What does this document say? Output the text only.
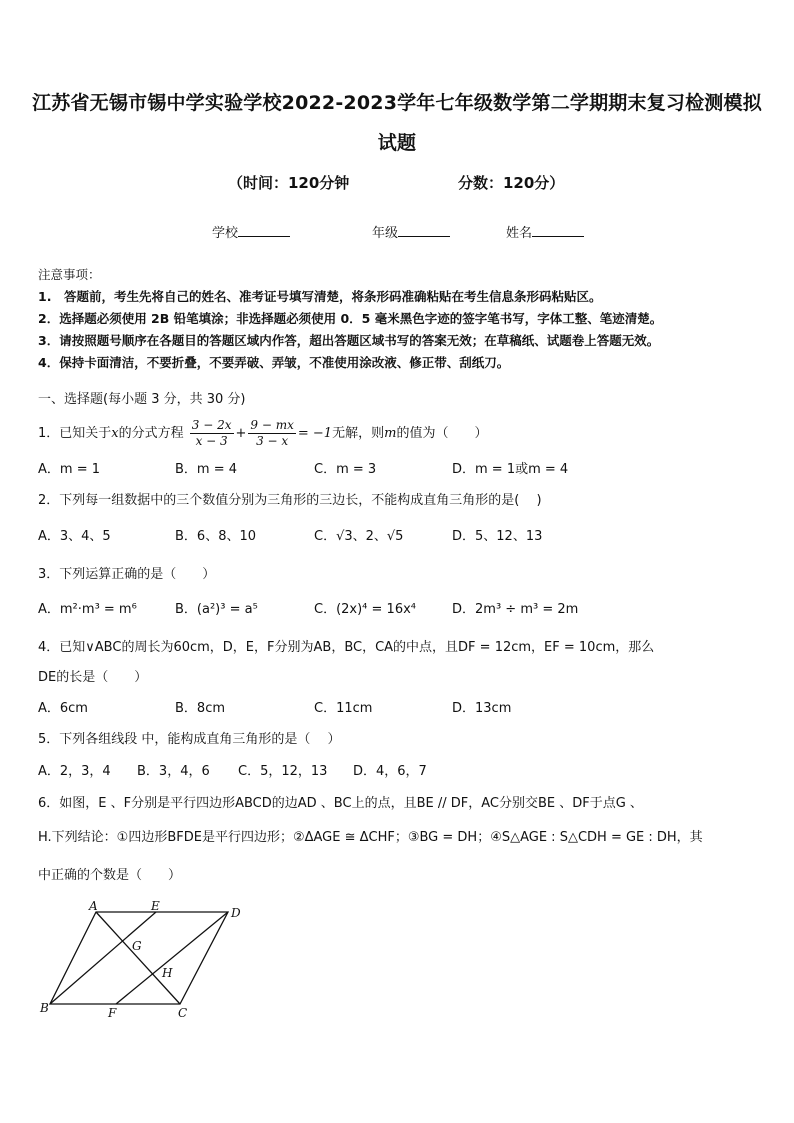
江苏省无锡市锡中学实验学校2022-2023学年七年级数学第二学期期末复习检测模拟
试题
（时间：120分钟	分数：120分）
学校	年级	姓名
注意事项：
1.　答题前，考生先将自己的姓名、准考证号填写清楚，将条形码准确粘贴在考生信息条形码粘贴区。
2．选择题必须使用 2B 铅笔填涂；非选择题必须使用 0．5 毫米黑色字迹的签字笔书写，字体工整、笔迹清楚。
3．请按照题号顺序在各题目的答题区域内作答，超出答题区域书写的答案无效；在草稿纸、试题卷上答题无效。
4．保持卡面清洁，不要折叠，不要弄破、弄皱，不准使用涂改液、修正带、刮纸刀。
一、选择题(每小题 3 分，共 30 分)
1．已知关于x的分式方程 $\frac{3 - 2x}{x - 3} + \frac{9 - mx}{3 - x} = -1$无解，则m的值为（　　）
A．m = 1	B．m = 4	C．m = 3	D．m = 1或m = 4
2．下列每一组数据中的三个数值分别为三角形的三边长，不能构成直角三角形的是(　 )
A．3、4、5	B．6、8、10	C．√3、2、√5	D．5、12、13
3．下列运算正确的是（　　）
A．m²·m³ = m⁶	B．(a²)³ = a⁵	C．(2x)⁴ = 16x⁴	D．2m³ ÷ m³ = 2m
4．已知∨ABC的周长为60cm，D，E，F分别为AB，BC，CA的中点，且DF = 12cm，EF = 10cm，那么
DE的长是（　　）
A．6cm	B．8cm	C．11cm	D．13cm
5．下列各组线段 中，能构成直角三角形的是（　 ）
A．2，3，4 B．3，4，6 C．5，12，13 D．4，6，7
6．如图，E 、F分别是平行四边形ABCD的边AD 、BC上的点，且BE // DF，AC分别交BE 、DF于点G 、
H.下列结论：①四边形BFDE是平行四边形；②ΔAGE ≅ ΔCHF；③BG = DH；④S△AGE : S△CDH = GE : DH，其
中正确的个数是（　　）
A	E	D
G
H
B	F	C
